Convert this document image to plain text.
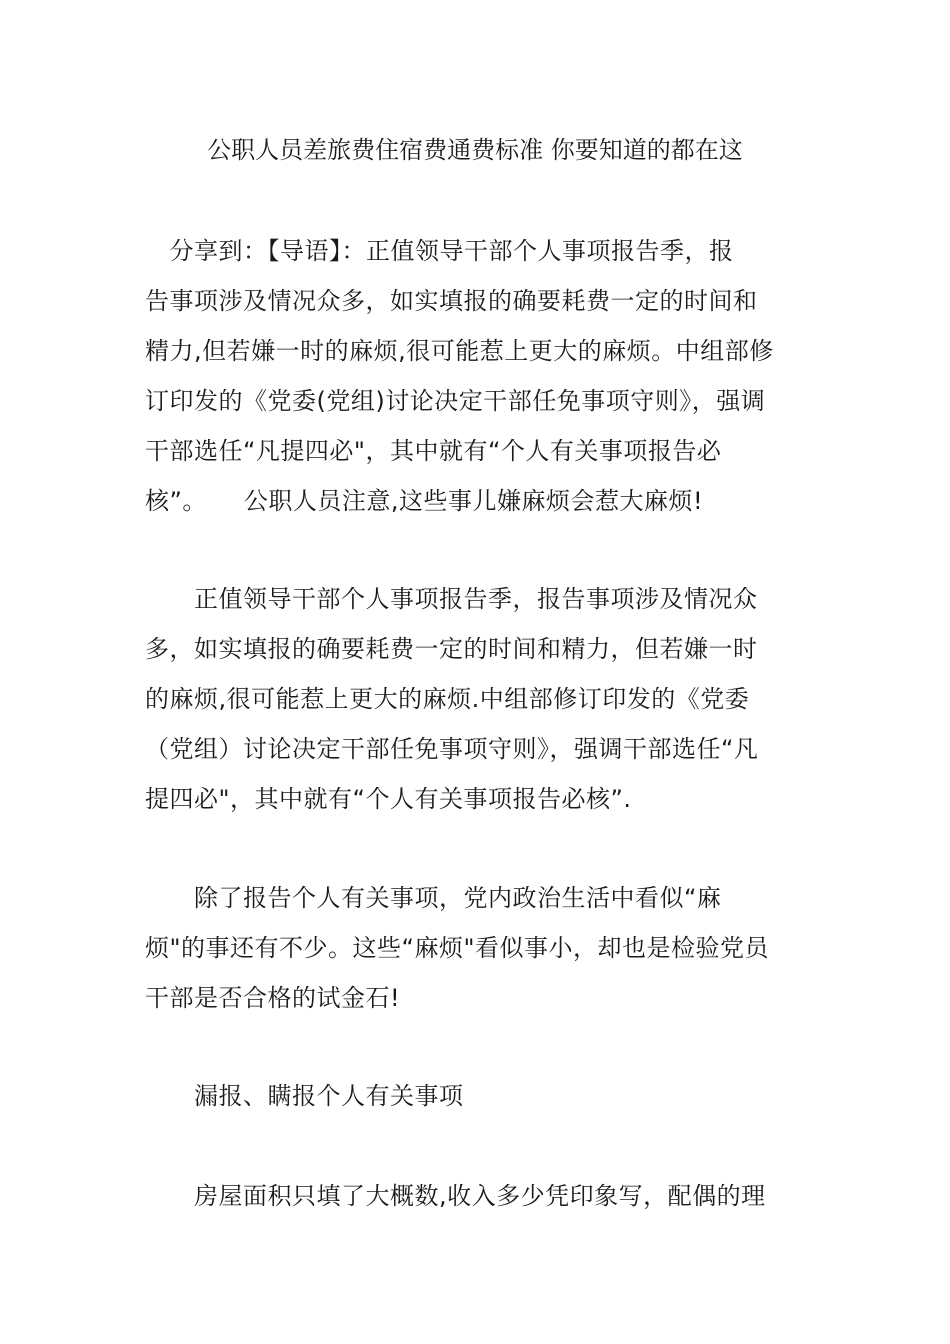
公职人员差旅费住宿费通费标准 你要知道的都在这
　分享到：【导语】：正值领导干部个人事项报告季，报
告事项涉及情况众多，如实填报的确要耗费一定的时间和
精力,但若嫌一时的麻烦,很可能惹上更大的麻烦。中组部修
订印发的《党委(党组)讨论决定干部任免事项守则》，强调
干部选任“凡提四必"，其中就有“个人有关事项报告必
核”。　　公职人员注意,这些事儿嫌麻烦会惹大麻烦!
　　正值领导干部个人事项报告季，报告事项涉及情况众
多，如实填报的确要耗费一定的时间和精力，但若嫌一时
的麻烦,很可能惹上更大的麻烦.中组部修订印发的《党委
（党组）讨论决定干部任免事项守则》，强调干部选任“凡
提四必"，其中就有“个人有关事项报告必核”.
　　除了报告个人有关事项，党内政治生活中看似“麻
烦"的事还有不少。这些“麻烦"看似事小，却也是检验党员
干部是否合格的试金石!
　　漏报、瞒报个人有关事项
　　房屋面积只填了大概数,收入多少凭印象写，配偶的理
